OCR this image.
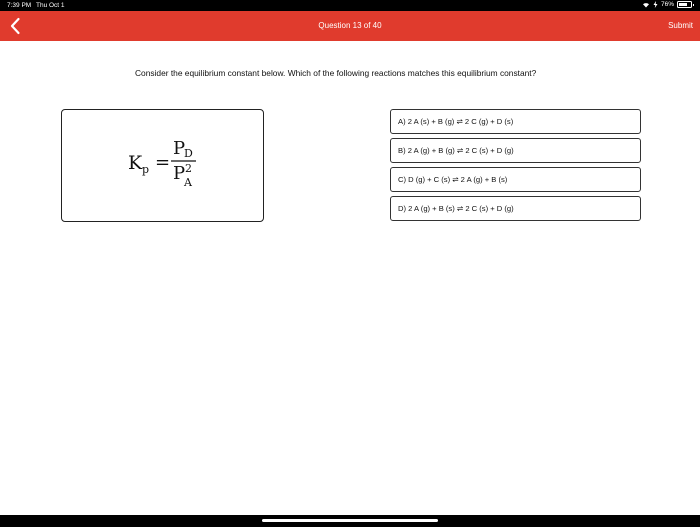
7:39 PM Thu Oct 1	76%
Question 13 of 40	Submit
Consider the equilibrium constant below. Which of the following reactions matches this equilibrium constant?
K p =
P
D
P 2
A
A) 2 A (s) + B (g) ⇌ 2 C (g) + D (s)
B) 2 A (g) + B (g) ⇌ 2 C (s) + D (g)
C) D (g) + C (s) ⇌ 2 A (g) + B (s)
D) 2 A (g) + B (s) ⇌ 2 C (s) + D (g)
